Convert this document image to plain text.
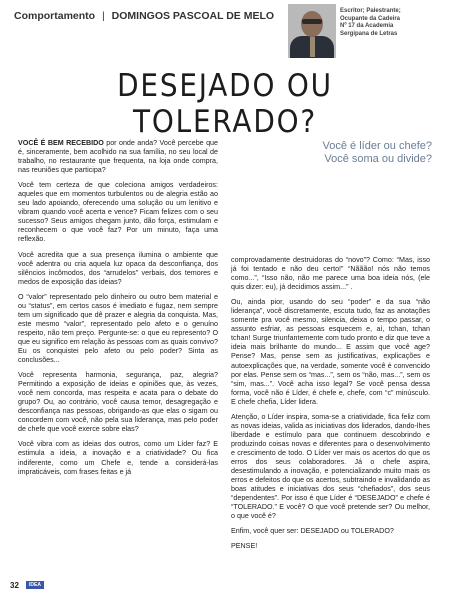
Comportamento | DOMINGOS PASCOAL DE MELO	Escritor; Palestrante;
Ocupante da Cadeira
Nº 17 da Academia
Sergipana de Letras
DESEJADO OU TOLERADO?
Você é líder ou chefe?
Você soma ou divide?

VOCÊ É BEM RECEBIDO por onde anda? Você percebe que é, sinceramente, bem acolhido na sua família, no seu local de trabalho, no restaurante que frequenta, na loja onde compra, nas reuniões que participa?

Você tem certeza de que coleciona amigos verdadeiros: aqueles que em momentos turbulentos ou de alegria estão ao seu lado apoiando, oferecendo uma solução ou um lenitivo e vibram quando você acerta e vence? Ficam felizes com o seu sucesso? Seus amigos chegam junto, dão força, estimulam e reconhecem o que você faz? Por um minuto, faça uma reflexão.

Você acredita que a sua presença ilumina o ambiente que você adentra ou cria aquela luz opaca da desconfiança, dos silêncios incômodos, dos “arrudelos” verbais, dos temores e medos de exposição das ideias?

O “valor” representado pelo dinheiro ou outro bem material e ou “status”, em certos casos é imediato e fugaz, nem sempre tem um significado que dê prazer e alegria da conquista. Mas, este mesmo “valor”, representado pelo afeto e o genuíno respeito, não tem preço. Pergunte-se: o que eu represento? O que eu significo em relação às pessoas com as quais convivo? Eu os conquistei pelo afeto ou pelo poder? Sinta as conclusões...

Você representa harmonia, segurança, paz, alegria? Permitindo a exposição de ideias e opiniões que, às vezes, você nem concorda, mas respeita e acata para o debate do grupo? Ou, ao contrário, você causa temor, desagregação e desconfiança nas pessoas, obrigando-as que elas o sigam ou concordem com você, não pela sua liderança, mas pelo poder de chefe que você exerce sobre elas?

Você vibra com as ideias dos outros, como um Líder faz? E estimula a ideia, a inovação e a criatividade? Ou fica indiferente, como um Chefe e, tende a considerá-las impraticáveis, com frases feitas e já

comprovadamente destruidoras do “novo”? Como: “Mas, isso já foi tentado e não deu certo!” “Nããão! nós não temos como...”, “Isso não, não me parece uma boa ideia nós, (ele quis dizer: eu), já decidimos assim...” .

Ou, ainda pior, usando do seu “poder” e da sua “não liderança”, você discretamente, escuta tudo, faz as anotações somente pra você mesmo, silencia, deixa o tempo passar, o assunto esfriar, as pessoas esquecem e, aí, tchan, tchan tchan! Surge triunfantemente com tudo pronto e diz que teve a ideia mais brilhante do mundo... E assim que você age? Pense? Mas, pense sem as justificativas, explicações e autoexplicações que, na verdade, somente você é convencido por elas. Pense sem os “mas...”, sem os “não, mas...”, sem os “sim, mas...”. Você acha isso legal? Se você pensa dessa forma, você não é Líder, é chefe e, chefe, com “c” minúsculo. E chefe chefia, Líder lidera.

Atenção, o Líder inspira, soma-se a criatividade, fica feliz com as novas ideias, valida as iniciativas dos liderados, dando-lhes liberdade e estímulo para que continuem descobrindo e produzindo coisas novas e diferentes para o desenvolvimento e crescimento de todo. O Líder ver mais os acertos do que os erros dos seus colaboradores. Já o chefe aspira, desestimulando a inovação, e potencializando muito mais os erros e defeitos do que os acertos, subtraindo e invalidando as boas atitudes e iniciativas dos seus “chefiados”, dos seus “dependentes”. Por isso é que Líder é “DESEJADO” e chefe é “TOLERADO.” E você? O que você pretende ser? Ou melhor, o que você é?

Enfim, você quer ser: DESEJADO ou TOLERADO?

PENSE!

32	IDEA
